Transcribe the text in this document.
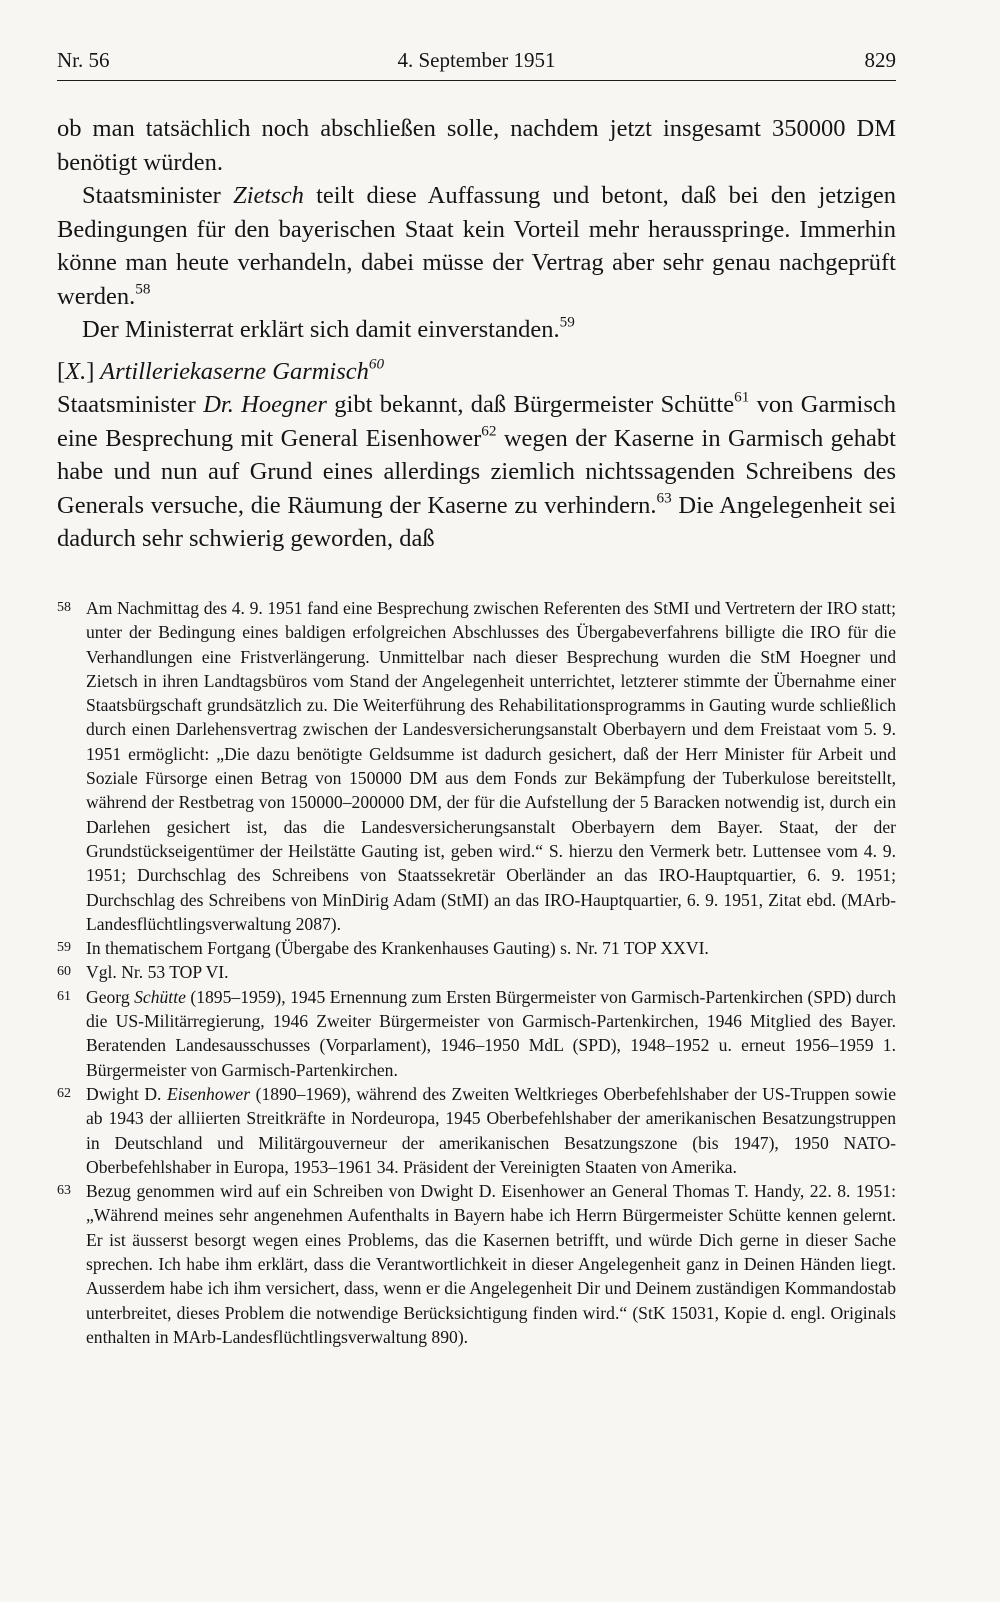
Nr. 56	4. September 1951	829

ob man tatsächlich noch abschließen solle, nachdem jetzt insgesamt 350000 DM benötigt würden.

Staatsminister Zietsch teilt diese Auffassung und betont, daß bei den jetzigen Bedingungen für den bayerischen Staat kein Vorteil mehr herausspringe. Immerhin könne man heute verhandeln, dabei müsse der Vertrag aber sehr genau nachgeprüft werden.$^{58}$

Der Ministerrat erklärt sich damit einverstanden.$^{59}$

[X.] Artilleriekaserne Garmisch$^{60}$

Staatsminister Dr. Hoegner gibt bekannt, daß Bürgermeister Schütte$^{61}$ von Garmisch eine Besprechung mit General Eisenhower$^{62}$ wegen der Kaserne in Garmisch gehabt habe und nun auf Grund eines allerdings ziemlich nichtssagenden Schreibens des Generals versuche, die Räumung der Kaserne zu verhindern.$^{63}$ Die Angelegenheit sei dadurch sehr schwierig geworden, daß

58 Am Nachmittag des 4. 9. 1951 fand eine Besprechung zwischen Referenten des StMI und Vertretern der IRO statt; unter der Bedingung eines baldigen erfolgreichen Abschlusses des Übergabeverfahrens billigte die IRO für die Verhandlungen eine Fristverlängerung. Unmittelbar nach dieser Besprechung wurden die StM Hoegner und Zietsch in ihren Landtagsbüros vom Stand der Angelegenheit unterrichtet, letzterer stimmte der Übernahme einer Staatsbürgschaft grundsätzlich zu. Die Weiterführung des Rehabilitationsprogramms in Gauting wurde schließlich durch einen Darlehensvertrag zwischen der Landesversicherungsanstalt Oberbayern und dem Freistaat vom 5. 9. 1951 ermöglicht: „Die dazu benötigte Geldsumme ist dadurch gesichert, daß der Herr Minister für Arbeit und Soziale Fürsorge einen Betrag von 150000 DM aus dem Fonds zur Bekämpfung der Tuberkulose bereitstellt, während der Restbetrag von 150000–200000 DM, der für die Aufstellung der 5 Baracken notwendig ist, durch ein Darlehen gesichert ist, das die Landesversicherungsanstalt Oberbayern dem Bayer. Staat, der der Grundstückseigentümer der Heilstätte Gauting ist, geben wird.“ S. hierzu den Vermerk betr. Luttensee vom 4. 9. 1951; Durchschlag des Schreibens von Staatssekretär Oberländer an das IRO-Hauptquartier, 6. 9. 1951; Durchschlag des Schreibens von MinDirig Adam (StMI) an das IRO-Hauptquartier, 6. 9. 1951, Zitat ebd. (MArb-Landesflüchtlingsverwaltung 2087).

59 In thematischem Fortgang (Übergabe des Krankenhauses Gauting) s. Nr. 71 TOP XXVI.

60 Vgl. Nr. 53 TOP VI.

61 Georg Schütte (1895–1959), 1945 Ernennung zum Ersten Bürgermeister von Garmisch-Partenkirchen (SPD) durch die US-Militärregierung, 1946 Zweiter Bürgermeister von Garmisch-Partenkirchen, 1946 Mitglied des Bayer. Beratenden Landesausschusses (Vorparlament), 1946–1950 MdL (SPD), 1948–1952 u. erneut 1956–1959 1. Bürgermeister von Garmisch-Partenkirchen.

62 Dwight D. Eisenhower (1890–1969), während des Zweiten Weltkrieges Oberbefehlshaber der US-Truppen sowie ab 1943 der alliierten Streitkräfte in Nordeuropa, 1945 Oberbefehlshaber der amerikanischen Besatzungstruppen in Deutschland und Militärgouverneur der amerikanischen Besatzungszone (bis 1947), 1950 NATO-Oberbefehlshaber in Europa, 1953–1961 34. Präsident der Vereinigten Staaten von Amerika.

63 Bezug genommen wird auf ein Schreiben von Dwight D. Eisenhower an General Thomas T. Handy, 22. 8. 1951: „Während meines sehr angenehmen Aufenthalts in Bayern habe ich Herrn Bürgermeister Schütte kennen gelernt. Er ist äusserst besorgt wegen eines Problems, das die Kasernen betrifft, und würde Dich gerne in dieser Sache sprechen. Ich habe ihm erklärt, dass die Verantwortlichkeit in dieser Angelegenheit ganz in Deinen Händen liegt. Ausserdem habe ich ihm versichert, dass, wenn er die Angelegenheit Dir und Deinem zuständigen Kommandostab unterbreitet, dieses Problem die notwendige Berücksichtigung finden wird.“ (StK 15031, Kopie d. engl. Originals enthalten in MArb-Landesflüchtlingsverwaltung 890).
